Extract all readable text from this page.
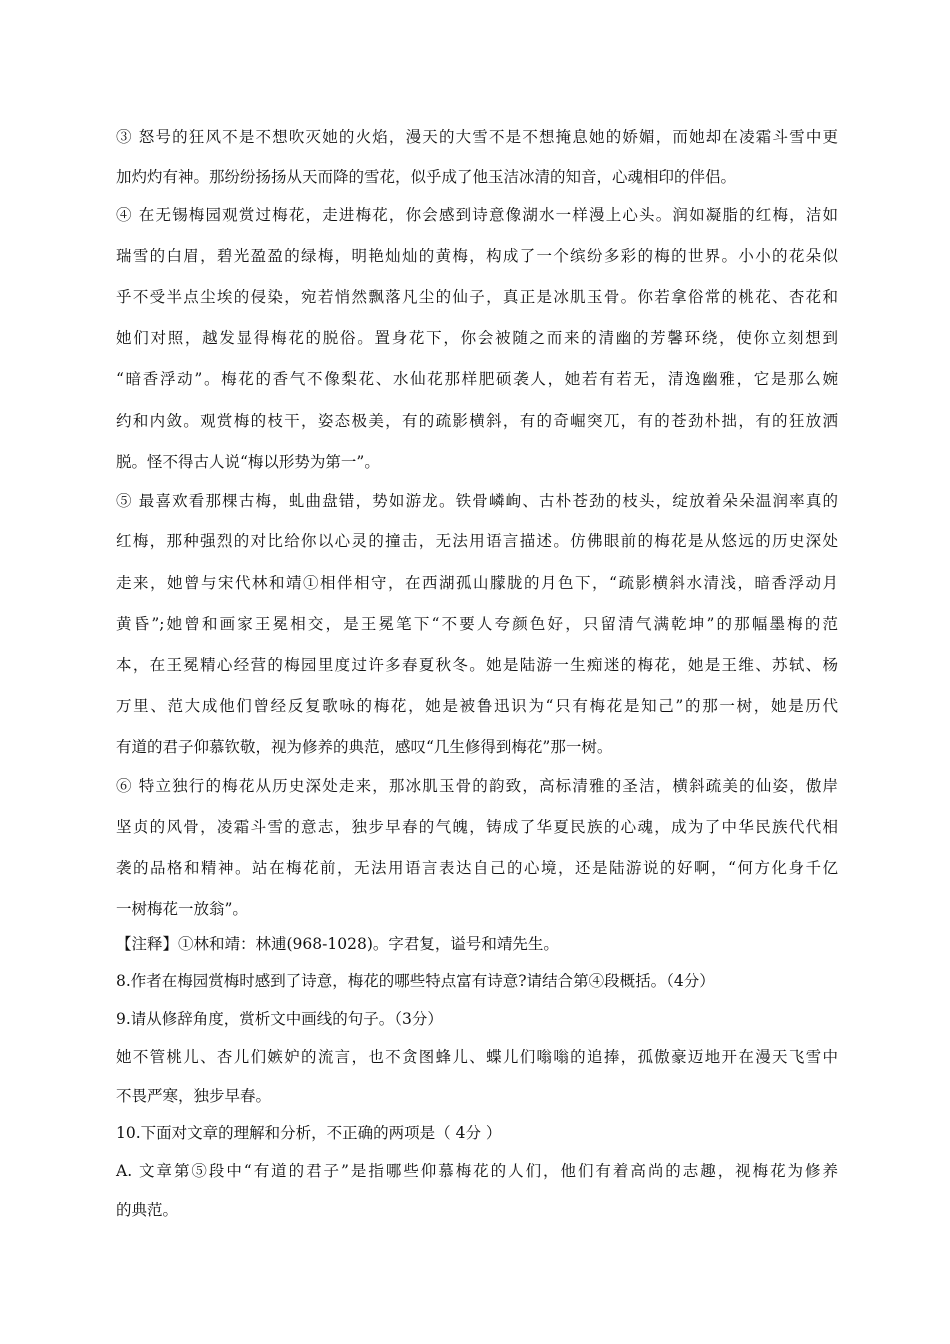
③ 怒号的狂风不是不想吹灭她的火焰，漫天的大雪不是不想掩息她的娇媚，而她却在凌霜斗雪中更
加灼灼有神。那纷纷扬扬从天而降的雪花，似乎成了他玉洁冰清的知音，心魂相印的伴侣。
④ 在无锡梅园观赏过梅花，走进梅花，你会感到诗意像湖水一样漫上心头。润如凝脂的红梅，洁如
瑞雪的白眉，碧光盈盈的绿梅，明艳灿灿的黄梅，构成了一个缤纷多彩的梅的世界。小小的花朵似
乎不受半点尘埃的侵染，宛若悄然飘落凡尘的仙子，真正是冰肌玉骨。你若拿俗常的桃花、杏花和
她们对照，越发显得梅花的脱俗。置身花下，你会被随之而来的清幽的芳馨环绕，使你立刻想到
“暗香浮动”。梅花的香气不像梨花、水仙花那样肥硕袭人，她若有若无，清逸幽雅，它是那么婉
约和内敛。观赏梅的枝干，姿态极美，有的疏影横斜，有的奇崛突兀，有的苍劲朴拙，有的狂放洒
脱。怪不得古人说“梅以形势为第一”。
⑤ 最喜欢看那棵古梅，虬曲盘错，势如游龙。铁骨嶙峋、古朴苍劲的枝头，绽放着朵朵温润率真的
红梅，那种强烈的对比给你以心灵的撞击，无法用语言描述。仿佛眼前的梅花是从悠远的历史深处
走来，她曾与宋代林和靖①相伴相守，在西湖孤山朦胧的月色下，“疏影横斜水清浅，暗香浮动月
黄昏”;她曾和画家王冕相交，是王冕笔下“不要人夸颜色好，只留清气满乾坤”的那幅墨梅的范
本，在王冕精心经营的梅园里度过许多春夏秋冬。她是陆游一生痴迷的梅花，她是王维、苏轼、杨
万里、范大成他们曾经反复歌咏的梅花，她是被鲁迅识为“只有梅花是知己”的那一树，她是历代
有道的君子仰慕钦敬，视为修养的典范，感叹“几生修得到梅花”那一树。
⑥ 特立独行的梅花从历史深处走来，那冰肌玉骨的韵致，高标清雅的圣洁，横斜疏美的仙姿，傲岸
坚贞的风骨，凌霜斗雪的意志，独步早春的气魄，铸成了华夏民族的心魂，成为了中华民族代代相
袭的品格和精神。站在梅花前，无法用语言表达自己的心境，还是陆游说的好啊，“何方化身千亿
一树梅花一放翁”。
【注释】①林和靖：林逋(968-1028)。字君复，谥号和靖先生。
8.作者在梅园赏梅时感到了诗意，梅花的哪些特点富有诗意?请结合第④段概括。（4分）
9.请从修辞角度，赏析文中画线的句子。（3分）
她不管桃儿、杏儿们嫉妒的流言，也不贪图蜂儿、蝶儿们嗡嗡的追捧，孤傲豪迈地开在漫天飞雪中
不畏严寒，独步早春。
10.下面对文章的理解和分析，不正确的两项是（ 4分 ）
A. 文章第⑤段中“有道的君子”是指哪些仰慕梅花的人们，他们有着高尚的志趣，视梅花为修养
的典范。
